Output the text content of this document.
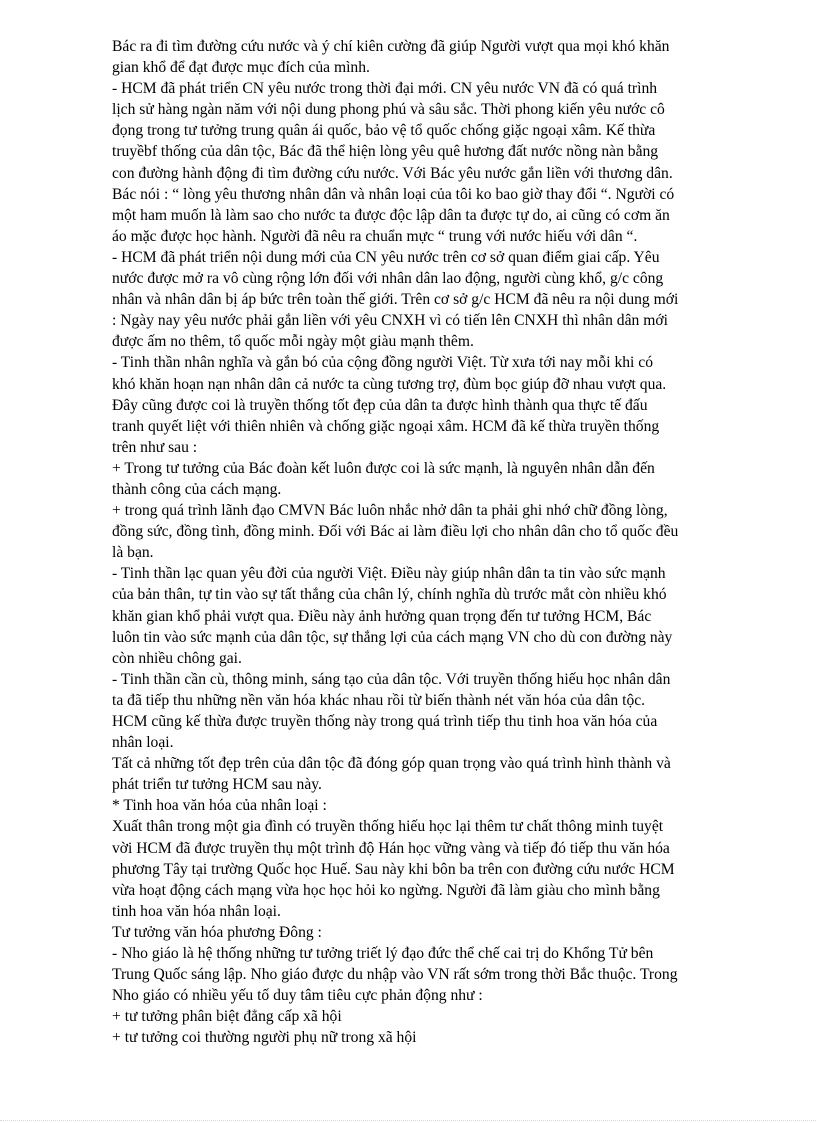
Bác ra đi tìm đường cứu nước và ý chí kiên cường đã giúp Người vượt qua mọi khó khăn
gian khổ để đạt được mục đích của mình.
- HCM đã phát triển CN yêu nước trong thời đại mới. CN yêu nước VN đã có quá trình
lịch sử hàng ngàn năm với nội dung phong phú và sâu sắc. Thời phong kiến yêu nước cô
đọng trong tư tưởng trung quân ái quốc, bảo vệ tổ quốc chống giặc ngoại xâm. Kế thừa
truyềbf thống của dân tộc, Bác đã thể hiện lòng yêu quê hương đất nước nồng nàn bằng
con đường hành động đi tìm đường cứu nước. Với Bác yêu nước gắn liền với thương dân.
Bác nói : “ lòng yêu thương nhân dân và nhân loại của tôi ko bao giờ thay đổi “. Người có
một ham muốn là làm sao cho nước ta được độc lập dân ta được tự do, ai cũng có cơm ăn
áo mặc được học hành. Người đã nêu ra chuẩn mực “ trung với nước hiếu với dân “.
- HCM đã phát triển nội dung mới của CN yêu nước trên cơ sở quan điểm giai cấp. Yêu
nước được mở ra vô cùng rộng lớn đối với nhân dân lao động, người cùng khổ, g/c công
nhân và nhân dân bị áp bức trên toàn thế giới. Trên cơ sở g/c HCM đã nêu ra nội dung mới
: Ngày nay yêu nước phải gắn liền với yêu CNXH vì có tiến lên CNXH thì nhân dân mới
được ấm no thêm, tổ quốc mỗi ngày một giàu mạnh thêm.
- Tinh thần nhân nghĩa và gắn bó của cộng đồng người Việt. Từ xưa tới nay mỗi khi có
khó khăn hoạn nạn nhân dân cả nước ta cùng tương trợ, đùm bọc giúp đỡ nhau vượt qua.
Đây cũng được coi là truyền thống tốt đẹp của dân ta được hình thành qua thực tế đấu
tranh quyết liệt với thiên nhiên và chống giặc ngoại xâm. HCM đã kế thừa truyền thống
trên như sau :
+ Trong tư tưởng của Bác đoàn kết luôn được coi là sức mạnh, là nguyên nhân dẫn đến
thành công của cách mạng.
+ trong quá trình lãnh đạo CMVN Bác luôn nhắc nhở dân ta phải ghi nhớ chữ đồng lòng,
đồng sức, đồng tình, đồng minh. Đối với Bác ai làm điều lợi cho nhân dân cho tổ quốc đều
là bạn.
- Tinh thần lạc quan yêu đời của người Việt. Điều này giúp nhân dân ta tin vào sức mạnh
của bản thân, tự tin vào sự tất thắng của chân lý, chính nghĩa dù trước mắt còn nhiều khó
khăn gian khổ phải vượt qua. Điều này ảnh hưởng quan trọng đến tư tưởng HCM, Bác
luôn tin vào sức mạnh của dân tộc, sự thắng lợi của cách mạng VN cho dù con đường này
còn nhiều chông gai.
- Tinh thần cần cù, thông minh, sáng tạo của dân tộc. Với truyền thống hiếu học nhân dân
ta đã tiếp thu những nền văn hóa khác nhau rồi từ biến thành nét văn hóa của dân tộc.
HCM cũng kế thừa được truyền thống này trong quá trình tiếp thu tinh hoa văn hóa của
nhân loại.
Tất cả những tốt đẹp trên của dân tộc đã đóng góp quan trọng vào quá trình hình thành và
phát triển tư tưởng HCM sau này.
* Tinh hoa văn hóa của nhân loại :
Xuất thân trong một gia đình có truyền thống hiếu học lại thêm tư chất thông minh tuyệt
vời HCM đã được truyền thụ một trình độ Hán học vững vàng và tiếp đó tiếp thu văn hóa
phương Tây tại trường Quốc học Huế. Sau này khi bôn ba trên con đường cứu nước HCM
vừa hoạt động cách mạng vừa học học hỏi ko ngừng. Người đã làm giàu cho mình bằng
tinh hoa văn hóa nhân loại.
Tư tưởng văn hóa phương Đông :
- Nho giáo là hệ thống những tư tưởng triết lý đạo đức thể chế cai trị do Khổng Tử bên
Trung Quốc sáng lập. Nho giáo được du nhập vào VN rất sớm trong thời Bắc thuộc. Trong
Nho giáo có nhiều yếu tố duy tâm tiêu cực phản động như :
+ tư tưởng phân biệt đẳng cấp xã hội
+ tư tưởng coi thường người phụ nữ trong xã hội
